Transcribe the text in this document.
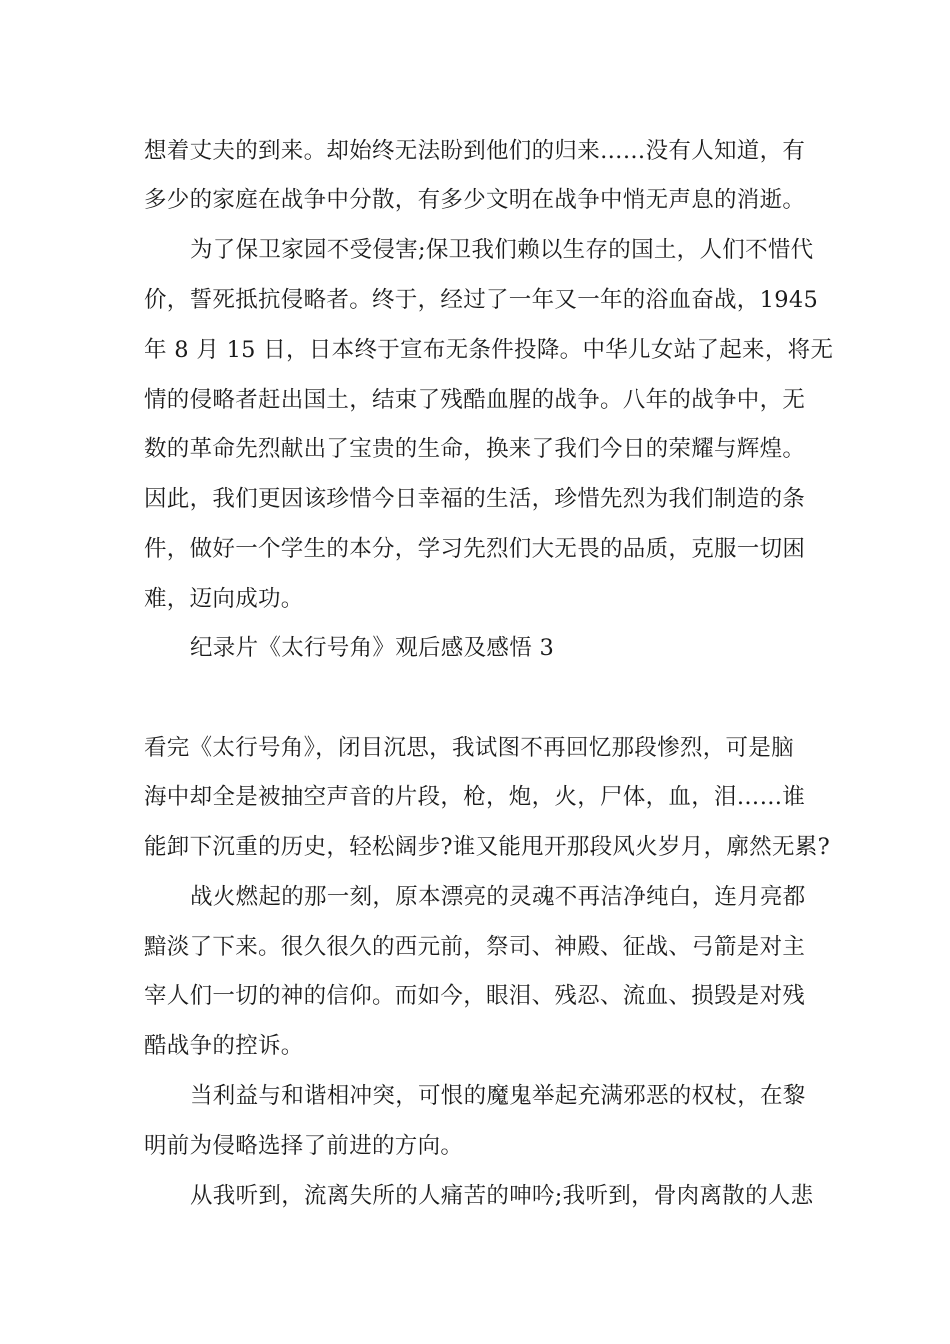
想着丈夫的到来。却始终无法盼到他们的归来……没有人知道，有
多少的家庭在战争中分散，有多少文明在战争中悄无声息的消逝。
为了保卫家园不受侵害;保卫我们赖以生存的国土，人们不惜代
价，誓死抵抗侵略者。终于，经过了一年又一年的浴血奋战，1945
年 8 月 15 日，日本终于宣布无条件投降。中华儿女站了起来，将无
情的侵略者赶出国土，结束了残酷血腥的战争。八年的战争中，无
数的革命先烈献出了宝贵的生命，换来了我们今日的荣耀与辉煌。
因此，我们更因该珍惜今日幸福的生活，珍惜先烈为我们制造的条
件，做好一个学生的本分，学习先烈们大无畏的品质，克服一切困
难，迈向成功。
纪录片《太行号角》观后感及感悟 3
看完《太行号角》，闭目沉思，我试图不再回忆那段惨烈，可是脑
海中却全是被抽空声音的片段，枪，炮，火，尸体，血，泪……谁
能卸下沉重的历史，轻松阔步?谁又能甩开那段风火岁月，廓然无累?
战火燃起的那一刻，原本漂亮的灵魂不再洁净纯白，连月亮都
黯淡了下来。很久很久的西元前，祭司、神殿、征战、弓箭是对主
宰人们一切的神的信仰。而如今，眼泪、残忍、流血、损毁是对残
酷战争的控诉。
当利益与和谐相冲突，可恨的魔鬼举起充满邪恶的权杖，在黎
明前为侵略选择了前进的方向。
从我听到，流离失所的人痛苦的呻吟;我听到，骨肉离散的人悲
